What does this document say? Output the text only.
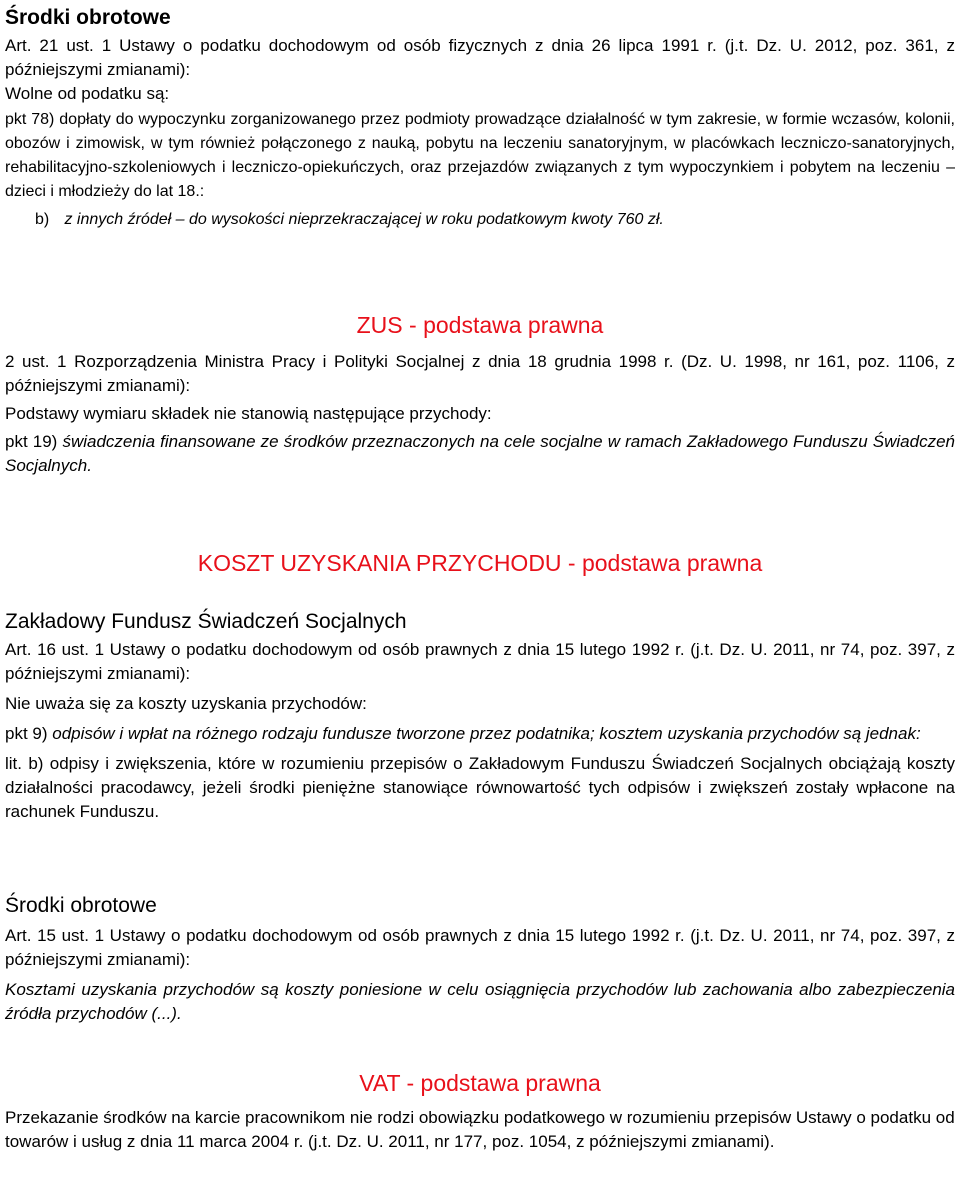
Środki obrotowe

Art. 21 ust. 1 Ustawy o podatku dochodowym od osób fizycznych z dnia 26 lipca 1991 r. (j.t. Dz. U. 2012, poz. 361, z późniejszymi zmianami):

Wolne od podatku są:

pkt 78) dopłaty do wypoczynku zorganizowanego przez podmioty prowadzące działalność w tym zakresie, w formie wczasów, kolonii, obozów i zimowisk, w tym również połączonego z nauką, pobytu na leczeniu sanatoryjnym, w placówkach leczniczo-sanatoryjnych, rehabilitacyjno-szkoleniowych i leczniczo-opiekuńczych, oraz przejazdów związanych z tym wypoczynkiem i pobytem na leczeniu – dzieci i młodzieży do lat 18.:

b) z innych źródeł – do wysokości nieprzekraczającej w roku podatkowym kwoty 760 zł.

ZUS - podstawa prawna

2 ust. 1 Rozporządzenia Ministra Pracy i Polityki Socjalnej z dnia 18 grudnia 1998 r. (Dz. U. 1998, nr 161, poz. 1106, z późniejszymi zmianami):

Podstawy wymiaru składek nie stanowią następujące przychody:

pkt 19) świadczenia finansowane ze środków przeznaczonych na cele socjalne w ramach Zakładowego Funduszu Świadczeń Socjalnych.

KOSZT UZYSKANIA PRZYCHODU - podstawa prawna
Zakładowy Fundusz Świadczeń Socjalnych

Art. 16 ust. 1 Ustawy o podatku dochodowym od osób prawnych z dnia 15 lutego 1992 r. (j.t. Dz. U. 2011, nr 74, poz. 397, z późniejszymi zmianami):

Nie uważa się za koszty uzyskania przychodów:

pkt 9) odpisów i wpłat na różnego rodzaju fundusze tworzone przez podatnika; kosztem uzyskania przychodów są jednak:

lit. b) odpisy i zwiększenia, które w rozumieniu przepisów o Zakładowym Funduszu Świadczeń Socjalnych obciążają koszty działalności pracodawcy, jeżeli środki pieniężne stanowiące równowartość tych odpisów i zwiększeń zostały wpłacone na rachunek Funduszu.

Środki obrotowe

Art. 15 ust. 1 Ustawy o podatku dochodowym od osób prawnych z dnia 15 lutego 1992 r. (j.t. Dz. U. 2011, nr 74, poz. 397, z późniejszymi zmianami):

Kosztami uzyskania przychodów są koszty poniesione w celu osiągnięcia przychodów lub zachowania albo zabezpieczenia źródła przychodów (...).

VAT - podstawa prawna

Przekazanie środków na karcie pracownikom nie rodzi obowiązku podatkowego w rozumieniu przepisów Ustawy o podatku od towarów i usług z dnia 11 marca 2004 r. (j.t. Dz. U. 2011, nr 177, poz. 1054, z późniejszymi zmianami).
